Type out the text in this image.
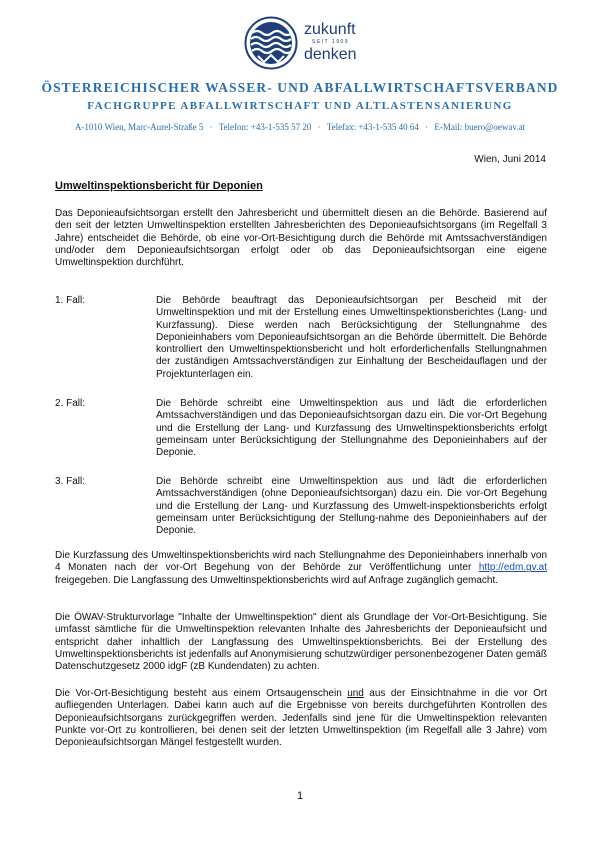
zukunft
SEIT 1909
denken
ÖSTERREICHISCHER WASSER- UND ABFALLWIRTSCHAFTSVERBAND
FACHGRUPPE ABFALLWIRTSCHAFT UND ALTLASTENSANIERUNG
A-1010 Wien, Marc-Aurel-Straße 5 · Telefon: +43-1-535 57 20 · Telefax: +43-1-535 40 64 · E-Mail: buero@oewav.at
Wien, Juni 2014
Umweltinspektionsbericht für Deponien

Das Deponieaufsichtsorgan erstellt den Jahresbericht und übermittelt diesen an die Behörde. Basierend auf den seit der letzten Umweltinspektion erstellten Jahresberichten des Deponieaufsichtsorgans (im Regelfall 3 Jahre) entscheidet die Behörde, ob eine vor-Ort-Besichtigung durch die Behörde mit Amtssachverständigen und/oder dem Deponieaufsichtsorgan erfolgt oder ob das Deponieaufsichtsorgan eine eigene Umweltinspektion durchführt.

1. Fall:	Die Behörde beauftragt das Deponieaufsichtsorgan per Bescheid mit der Umweltinspektion und mit der Erstellung eines Umweltinspektionsberichtes (Lang- und Kurzfassung). Diese werden nach Berücksichtigung der Stellungnahme des Deponieinhabers vom Deponieaufsichtsorgan an die Behörde übermittelt. Die Behörde kontrolliert den Umweltinspektionsbericht und holt erforderlichenfalls Stellungnahmen der zuständigen Amtssachverständigen zur Einhaltung der Bescheidauflagen und der Projektunterlagen ein.

2. Fall:	Die Behörde schreibt eine Umweltinspektion aus und lädt die erforderlichen Amtssachverständigen und das Deponieaufsichtsorgan dazu ein. Die vor-Ort Begehung und die Erstellung der Lang- und Kurzfassung des Umweltinspektionsberichts erfolgt gemeinsam unter Berücksichtigung der Stellungnahme des Deponieinhabers auf der Deponie.

3. Fall:	Die Behörde schreibt eine Umweltinspektion aus und lädt die erforderlichen Amtssachverständigen (ohne Deponieaufsichtsorgan) dazu ein. Die vor-Ort Begehung und die Erstellung der Lang- und Kurzfassung des Umwelt-inspektionsberichts erfolgt gemeinsam unter Berücksichtigung der Stellung-nahme des Deponieinhabers auf der Deponie.

Die Kurzfassung des Umweltinspektionsberichts wird nach Stellungnahme des Deponieinhabers innerhalb von 4 Monaten nach der vor-Ort Begehung von der Behörde zur Veröffentlichung unter http://edm.gv.at freigegeben. Die Langfassung des Umweltinspektionsberichts wird auf Anfrage zugänglich gemacht.

Die ÖWAV-Strukturvorlage "Inhalte der Umweltinspektion" dient als Grundlage der Vor-Ort-Besichtigung. Sie umfasst sämtliche für die Umweltinspektion relevanten Inhalte des Jahresberichts der Deponieaufsicht und entspricht daher inhaltlich der Langfassung des Umweltinspektionsberichts. Bei der Erstellung des Umweltinspektionsberichts ist jedenfalls auf Anonymisierung schutzwürdiger personenbezogener Daten gemäß Datenschutzgesetz 2000 idgF (zB Kundendaten) zu achten.

Die Vor-Ort-Besichtigung besteht aus einem Ortsaugenschein und aus der Einsichtnahme in die vor Ort aufliegenden Unterlagen. Dabei kann auch auf die Ergebnisse von bereits durchgeführten Kontrollen des Deponieaufsichtsorgans zurückgegriffen werden. Jedenfalls sind jene für die Umweltinspektion relevanten Punkte vor-Ort zu kontrollieren, bei denen seit der letzten Umweltinspektion (im Regelfall alle 3 Jahre) vom Deponieaufsichtsorgan Mängel festgestellt wurden.

1
